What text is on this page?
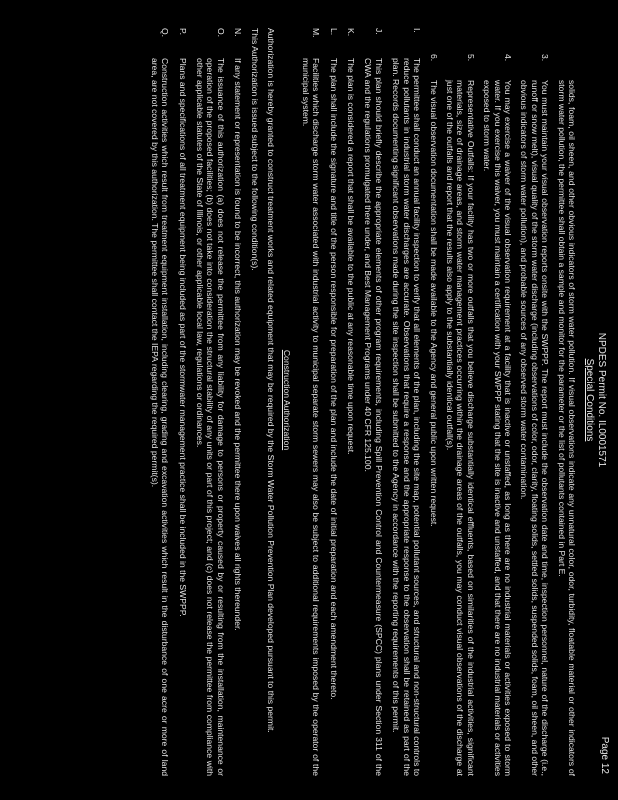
Page 12
NPDES Permit No. IL0001571
Special Conditions
solids, foam, oil sheen, and other obvious indicators of storm water pollution. If visual observations indicate any unnatural color, odor, turbidity, floatable material or other indicators of storm water pollution, the permittee shall obtain a sample and monitor for the parameter or the list of pollutants contained in Part E.
3.
You must maintain your visual observation reports onsite with the SWPPP. The report must include the observation date and time, inspection personnel, nature of the discharge (i.e., runoff or snow melt), visual quality of the storm water discharge (including observations of color, odor, clarity, floating solids, settled solids, suspended solids, foam, oil sheen, and other obvious indicators of storm water pollution), and probable sources of any observed storm water contamination.
4.
You may exercise a waiver of the visual observation requirement at a facility that is inactive or unstaffed, as long as there are no industrial materials or activities exposed to storm water. If you exercise this waiver, you must maintain a certification with your SWPPP stating that the site is inactive and unstaffed, and that there are no industrial materials or activities exposed to storm water.
5.
Representative Outfalls: If your facility has two or more outfalls that you believe discharge substantially identical effluents, based on similarities of the industrial activities, significant materials, size of drainage areas, and storm water management practices occurring within the drainage areas of the outfalls, you may conduct visual observations of the discharge at just one of the outfalls and report that the results also apply to the substantially identical outfall(s).
6.
The visual observation documentation shall be made available to the Agency and general public upon written request.
I.
The permittee shall conduct an annual facility inspection to verify that all elements of the plan, including the site map, potential pollutant sources, and structural and non-structural controls to reduce pollutants in industrial storm water discharges are accurate. Observations that require a response and the appropriate response to the observation shall be retained as part of the plan. Records documenting significant observations made during the site inspection shall be submitted to the Agency in accordance with the reporting requirements of this permit.
J.
This plan should briefly describe the appropriate elements of other program requirements, including Spill Prevention Control and Countermeasure (SPCC) plans under Section 311 of the CWA and the regulations promulgated there under, and Best Management Programs under 40 CFR 125.100.
K.
The plan is considered a report that shall be available to the public at any reasonable time upon request.
L.
The plan shall include the signature and title of the person responsible for preparation of the plan and include the date of initial preparation and each amendment thereto.
M.
Facilities which discharge storm water associated with industrial activity to municipal separate storm sewers may also be subject to additional requirements imposed by the operator of the municipal system.
Construction Authorization
Authorization is hereby granted to construct treatment works and related equipment that may be required by the Storm Water Pollution Prevention Plan developed pursuant to this permit.
This Authorization is issued subject to the following condition(s).
N.
If any statement or representation is found to be incorrect, this authorization may be revoked and the permittee there upon waives all rights thereunder.
O.
The issuance of this authorization (a) does not release the permittee from any liability for damage to persons or property caused by or resulting from the installation, maintenance or operation of the proposed facilities; (b) does not take into consideration the structural stability of any units or part of this project; and (c) does not release the permittee from compliance with other applicable statutes of the State of Illinois, or other applicable local law, regulations or ordinances.
P.
Plans and specifications of all treatment equipment being included as part of the stormwater management practice shall be included in the SWPPP.
Q.
Construction activities which result from treatment equipment installation, including clearing, grading and excavation activities which result in the disturbance of one acre or more of land area, are not covered by this authorization. The permittee shall contact the IEPA regarding the required permit(s).
